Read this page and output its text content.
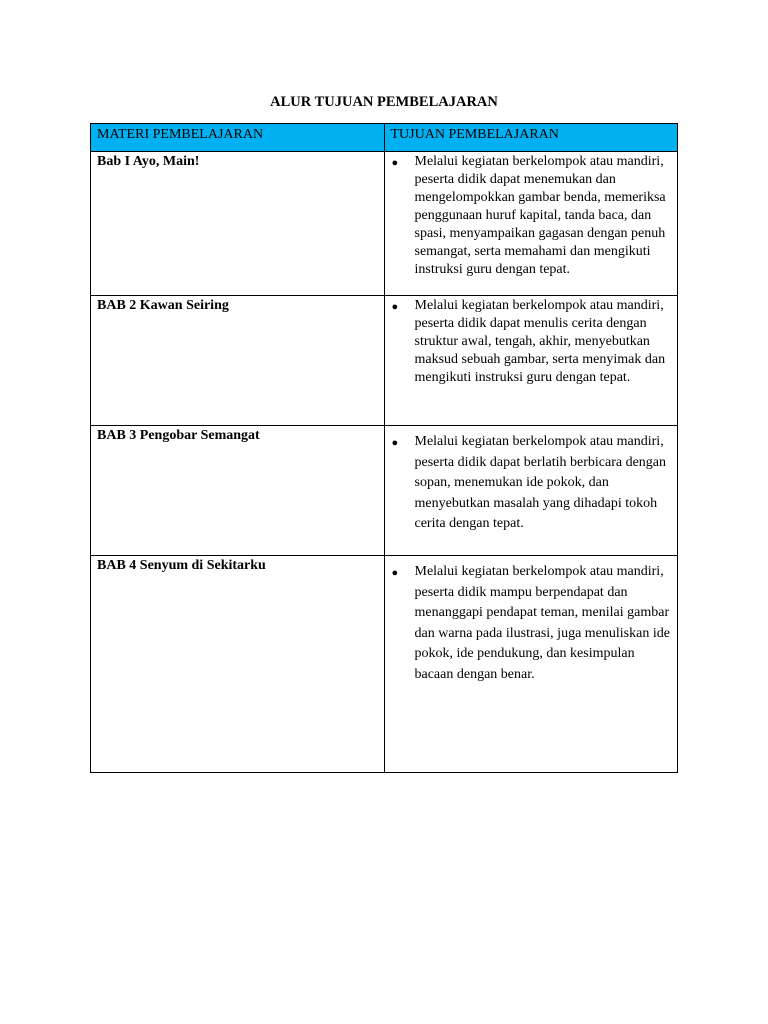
ALUR TUJUAN PEMBELAJARAN
MATERI PEMBELAJARAN	TUJUAN PEMBELAJARAN

Bab I Ayo, Main!	● Melalui kegiatan berkelompok atau mandiri, peserta didik dapat menemukan dan mengelompokkan gambar benda, memeriksa penggunaan huruf kapital, tanda baca, dan spasi, menyampaikan gagasan dengan penuh semangat, serta memahami dan mengikuti instruksi guru dengan tepat.

BAB 2 Kawan Seiring	● Melalui kegiatan berkelompok atau mandiri, peserta didik dapat menulis cerita dengan struktur awal, tengah, akhir, menyebutkan maksud sebuah gambar, serta menyimak dan mengikuti instruksi guru dengan tepat.

BAB 3 Pengobar Semangat	● Melalui kegiatan berkelompok atau mandiri, peserta didik dapat berlatih berbicara dengan sopan, menemukan ide pokok, dan menyebutkan masalah yang dihadapi tokoh cerita dengan tepat.

BAB 4 Senyum di Sekitarku	● Melalui kegiatan berkelompok atau mandiri, peserta didik mampu berpendapat dan menanggapi pendapat teman, menilai gambar dan warna pada ilustrasi, juga menuliskan ide pokok, ide pendukung, dan kesimpulan bacaan dengan benar.
